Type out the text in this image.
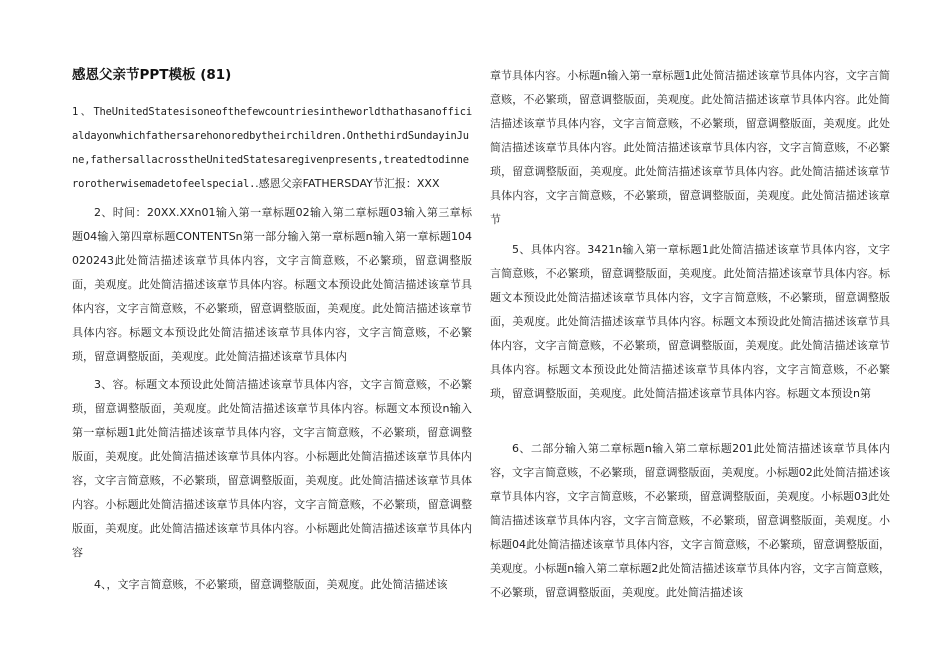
感恩父亲节PPT模板 (81)

1、TheUnitedStatesisoneofthefewcountriesintheworldthathasanofficialdayonwhichfathersarehonoredbytheirchildren.OnthethirdSundayinJune,fathersallacrosstheUnitedStatesaregivenpresents,treatedtodinnerorotherwisemadetofeelspecial..感恩父亲FATHERSDAY节汇报：XXX

2、时间：20XX.XXn01输入第一章标题02输入第二章标题03输入第三章标题04输入第四章标题CONTENTSn第一部分输入第一章标题n输入第一章标题104020243此处简洁描述该章节具体内容，文字言简意赅，不必繁琐，留意调整版面，美观度。此处简洁描述该章节具体内容。标题文本预设此处简洁描述该章节具体内容，文字言简意赅，不必繁琐，留意调整版面，美观度。此处简洁描述该章节具体内容。标题文本预设此处简洁描述该章节具体内容，文字言简意赅，不必繁琐，留意调整版面，美观度。此处简洁描述该章节具体内

3、容。标题文本预设此处简洁描述该章节具体内容，文字言简意赅，不必繁琐，留意调整版面，美观度。此处简洁描述该章节具体内容。标题文本预设n输入第一章标题1此处简洁描述该章节具体内容，文字言简意赅，不必繁琐，留意调整版面，美观度。此处简洁描述该章节具体内容。小标题此处简洁描述该章节具体内容，文字言简意赅，不必繁琐，留意调整版面，美观度。此处简洁描述该章节具体内容。小标题此处简洁描述该章节具体内容，文字言简意赅，不必繁琐，留意调整版面，美观度。此处简洁描述该章节具体内容。小标题此处简洁描述该章节具体内容

4、，文字言简意赅，不必繁琐，留意调整版面，美观度。此处简洁描述该

章节具体内容。小标题n输入第一章标题1此处简洁描述该章节具体内容，文字言简意赅，不必繁琐，留意调整版面，美观度。此处简洁描述该章节具体内容。此处简洁描述该章节具体内容，文字言简意赅，不必繁琐，留意调整版面，美观度。此处简洁描述该章节具体内容。此处简洁描述该章节具体内容，文字言简意赅，不必繁琐，留意调整版面，美观度。此处简洁描述该章节具体内容。此处简洁描述该章节具体内容，文字言简意赅，不必繁琐，留意调整版面，美观度。此处简洁描述该章节

5、具体内容。3421n输入第一章标题1此处简洁描述该章节具体内容，文字言简意赅，不必繁琐，留意调整版面，美观度。此处简洁描述该章节具体内容。标题文本预设此处简洁描述该章节具体内容，文字言简意赅，不必繁琐，留意调整版面，美观度。此处简洁描述该章节具体内容。标题文本预设此处简洁描述该章节具体内容，文字言简意赅，不必繁琐，留意调整版面，美观度。此处简洁描述该章节具体内容。标题文本预设此处简洁描述该章节具体内容，文字言简意赅，不必繁琐，留意调整版面，美观度。此处简洁描述该章节具体内容。标题文本预设n第

6、二部分输入第二章标题n输入第二章标题201此处简洁描述该章节具体内容，文字言简意赅，不必繁琐，留意调整版面，美观度。小标题02此处简洁描述该章节具体内容，文字言简意赅，不必繁琐，留意调整版面，美观度。小标题03此处简洁描述该章节具体内容，文字言简意赅，不必繁琐，留意调整版面，美观度。小标题04此处简洁描述该章节具体内容，文字言简意赅，不必繁琐，留意调整版面，美观度。小标题n输入第二章标题2此处简洁描述该章节具体内容，文字言简意赅，不必繁琐，留意调整版面，美观度。此处简洁描述该
